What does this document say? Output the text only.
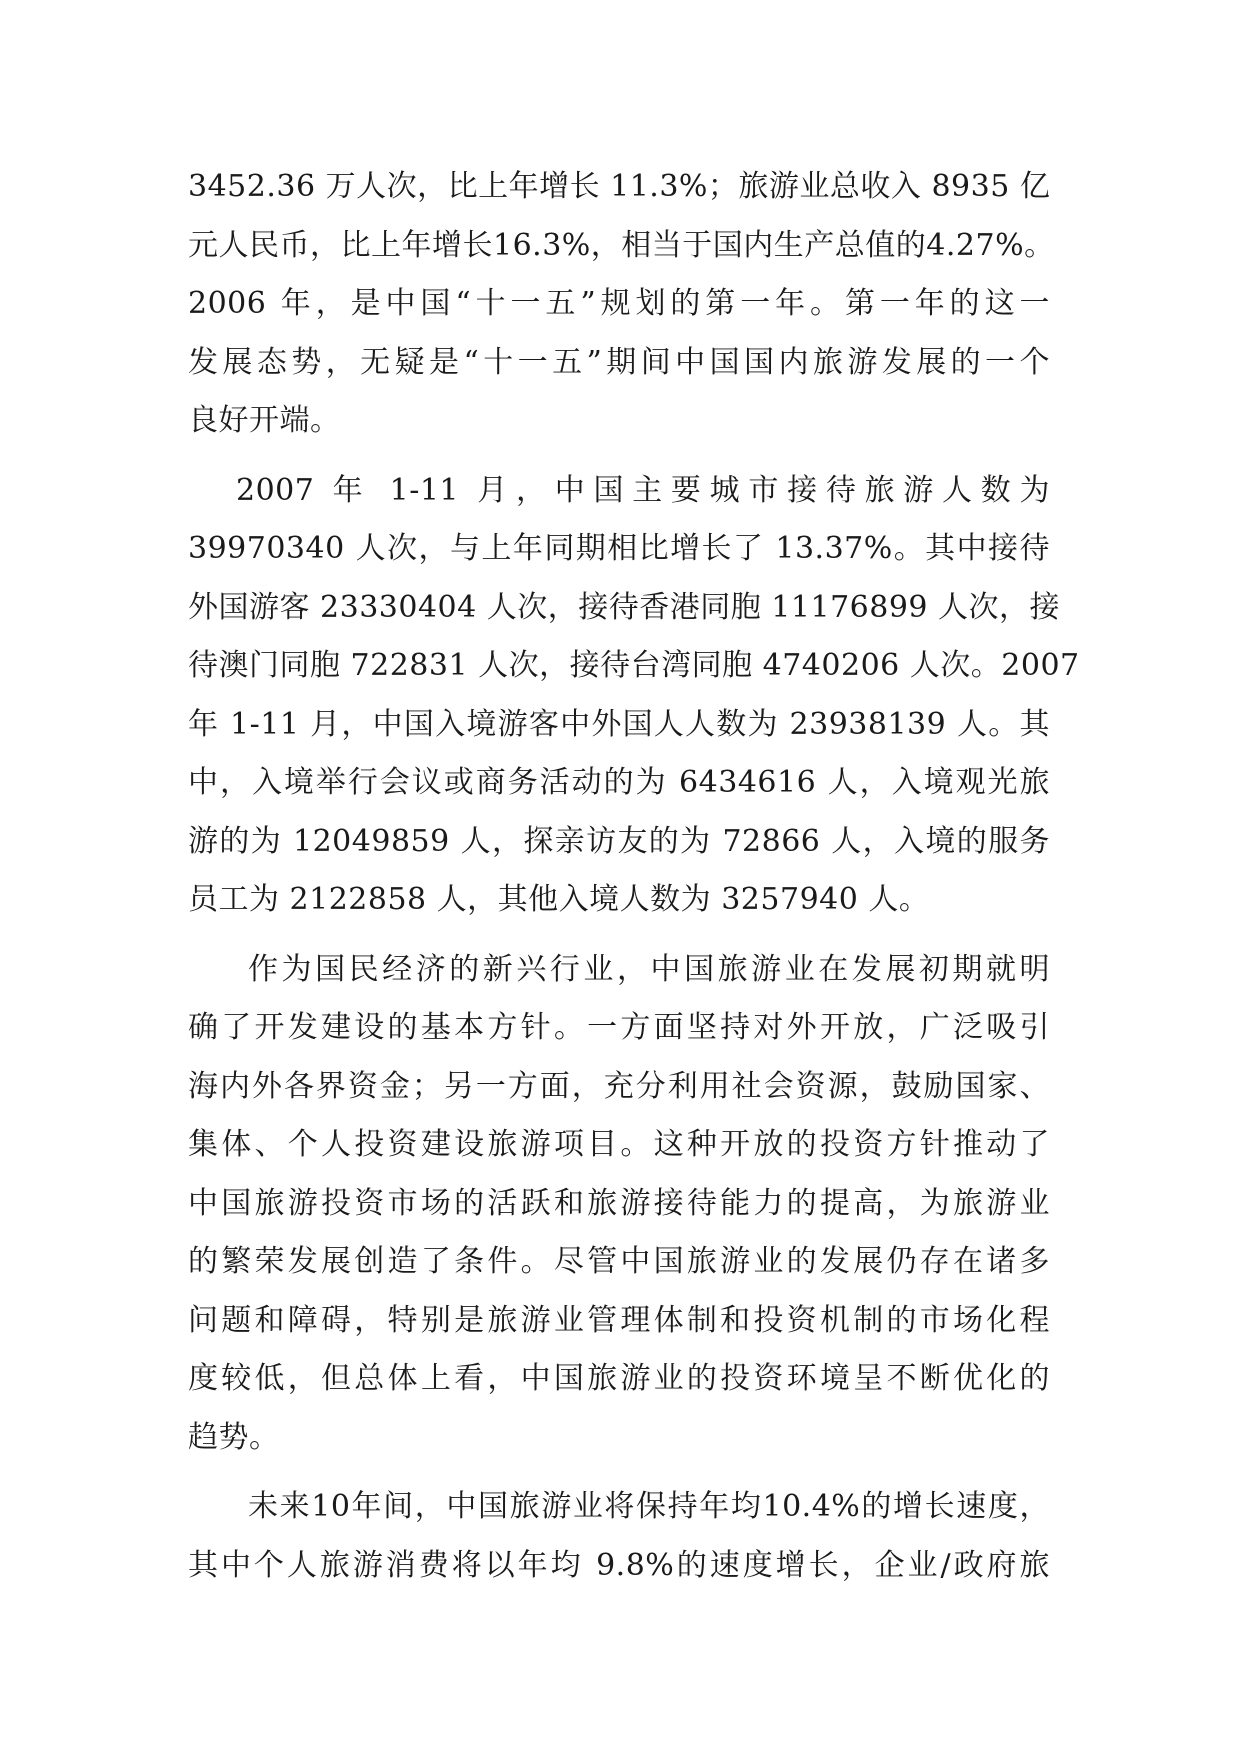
3452.36 万人次，比上年增长 11.3%；旅游业总收入 8935 亿
元人民币，比上年增长16.3%，相当于国内生产总值的4.27%。
2006 年，是中国“十一五”规划的第一年。第一年的这一
发展态势，无疑是“十一五”期间中国国内旅游发展的一个
良好开端。
2007 年 1-11 月，中国主要城市接待旅游人数为
39970340 人次，与上年同期相比增长了 13.37%。其中接待
外国游客 23330404 人次，接待香港同胞 11176899 人次，接
待澳门同胞 722831 人次，接待台湾同胞 4740206 人次。2007
年 1-11 月，中国入境游客中外国人人数为 23938139 人。其
中，入境举行会议或商务活动的为 6434616 人，入境观光旅
游的为 12049859 人，探亲访友的为 72866 人，入境的服务
员工为 2122858 人，其他入境人数为 3257940 人。
作为国民经济的新兴行业，中国旅游业在发展初期就明
确了开发建设的基本方针。一方面坚持对外开放，广泛吸引
海内外各界资金；另一方面，充分利用社会资源，鼓励国家、
集体、个人投资建设旅游项目。这种开放的投资方针推动了
中国旅游投资市场的活跃和旅游接待能力的提高，为旅游业
的繁荣发展创造了条件。尽管中国旅游业的发展仍存在诸多
问题和障碍，特别是旅游业管理体制和投资机制的市场化程
度较低，但总体上看，中国旅游业的投资环境呈不断优化的
趋势。
未来10年间，中国旅游业将保持年均10.4%的增长速度，
其中个人旅游消费将以年均 9.8%的速度增长，企业/政府旅
